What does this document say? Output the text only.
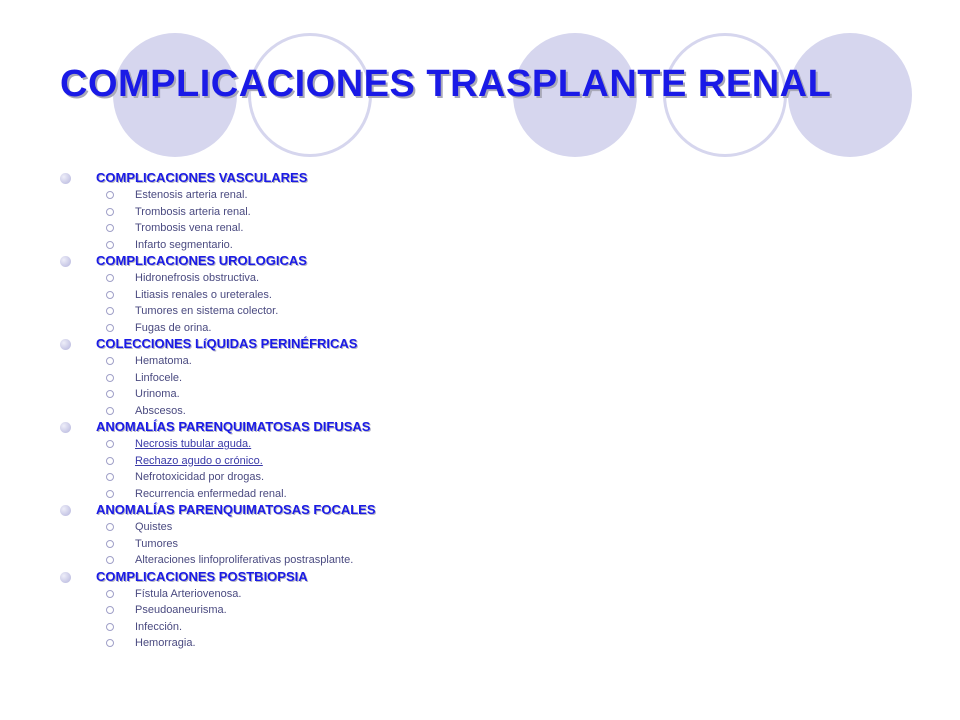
COMPLICACIONES TRASPLANTE RENAL
COMPLICACIONES VASCULARES
Estenosis arteria renal.
Trombosis arteria renal.
Trombosis vena renal.
Infarto segmentario.
COMPLICACIONES UROLOGICAS
Hidronefrosis obstructiva.
Litiasis renales o ureterales.
Tumores en sistema colector.
Fugas de orina.
COLECCIONES LíQUIDAS PERINÉFRICAS
Hematoma.
Linfocele.
Urinoma.
Abscesos.
ANOMALÍAS PARENQUIMATOSAS DIFUSAS
Necrosis tubular aguda.
Rechazo agudo o crónico.
Nefrotoxicidad por drogas.
Recurrencia enfermedad renal.
ANOMALÍAS PARENQUIMATOSAS FOCALES
Quistes
Tumores
Alteraciones linfoproliferativas postrasplante.
COMPLICACIONES POSTBIOPSIA
Fístula Arteriovenosa.
Pseudoaneurisma.
Infección.
Hemorragia.
